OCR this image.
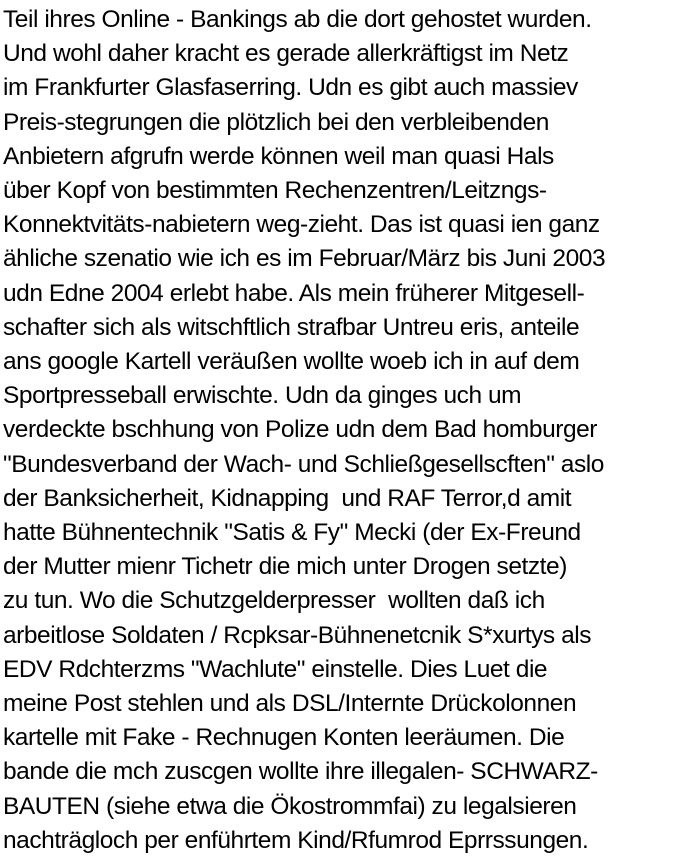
Teil ihres Online - Bankings ab die dort gehostet wurden.
Und wohl daher kracht es gerade allerkräftigst im Netz
im Frankfurter Glasfaserring. Udn es gibt auch massiev
Preis-stegrungen die plötzlich bei den verbleibenden
Anbietern afgrufn werde können weil man quasi Hals
über Kopf von bestimmten Rechenzentren/Leitzngs-
Konnektvitäts-nabietern weg-zieht. Das ist quasi ien ganz
ähliche szenatio wie ich es im Februar/März bis Juni 2003
udn Edne 2004 erlebt habe. Als mein früherer Mitgesell-
schafter sich als witschftlich strafbar Untreu eris, anteile
ans google Kartell veräußen wollte woeb ich in auf dem
Sportpresseball erwischte. Udn da ginges uch um
verdeckte bschhung von Polize udn dem Bad homburger
"Bundesverband der Wach- und Schließgesellscften" aslo
der Banksicherheit, Kidnapping  und RAF Terror,d amit
hatte Bühnentechnik "Satis & Fy" Mecki (der Ex-Freund
der Mutter mienr Tichetr die mich unter Drogen setzte)
zu tun. Wo die Schutzgelderpresser  wollten daß ich
arbeitlose Soldaten / Rcpksar-Bühnenetcnik S*xurtys als
EDV Rdchterzms "Wachlute" einstelle. Dies Luet die
meine Post stehlen und als DSL/Internte Drückolonnen
kartelle mit Fake - Rechnugen Konten leeräumen. Die
bande die mch zuscgen wollte ihre illegalen- SCHWARZ-
BAUTEN (siehe etwa die Ökostrommfai) zu legalsieren
nachträgloch per enführtem Kind/Rfumrod Eprrssungen.
